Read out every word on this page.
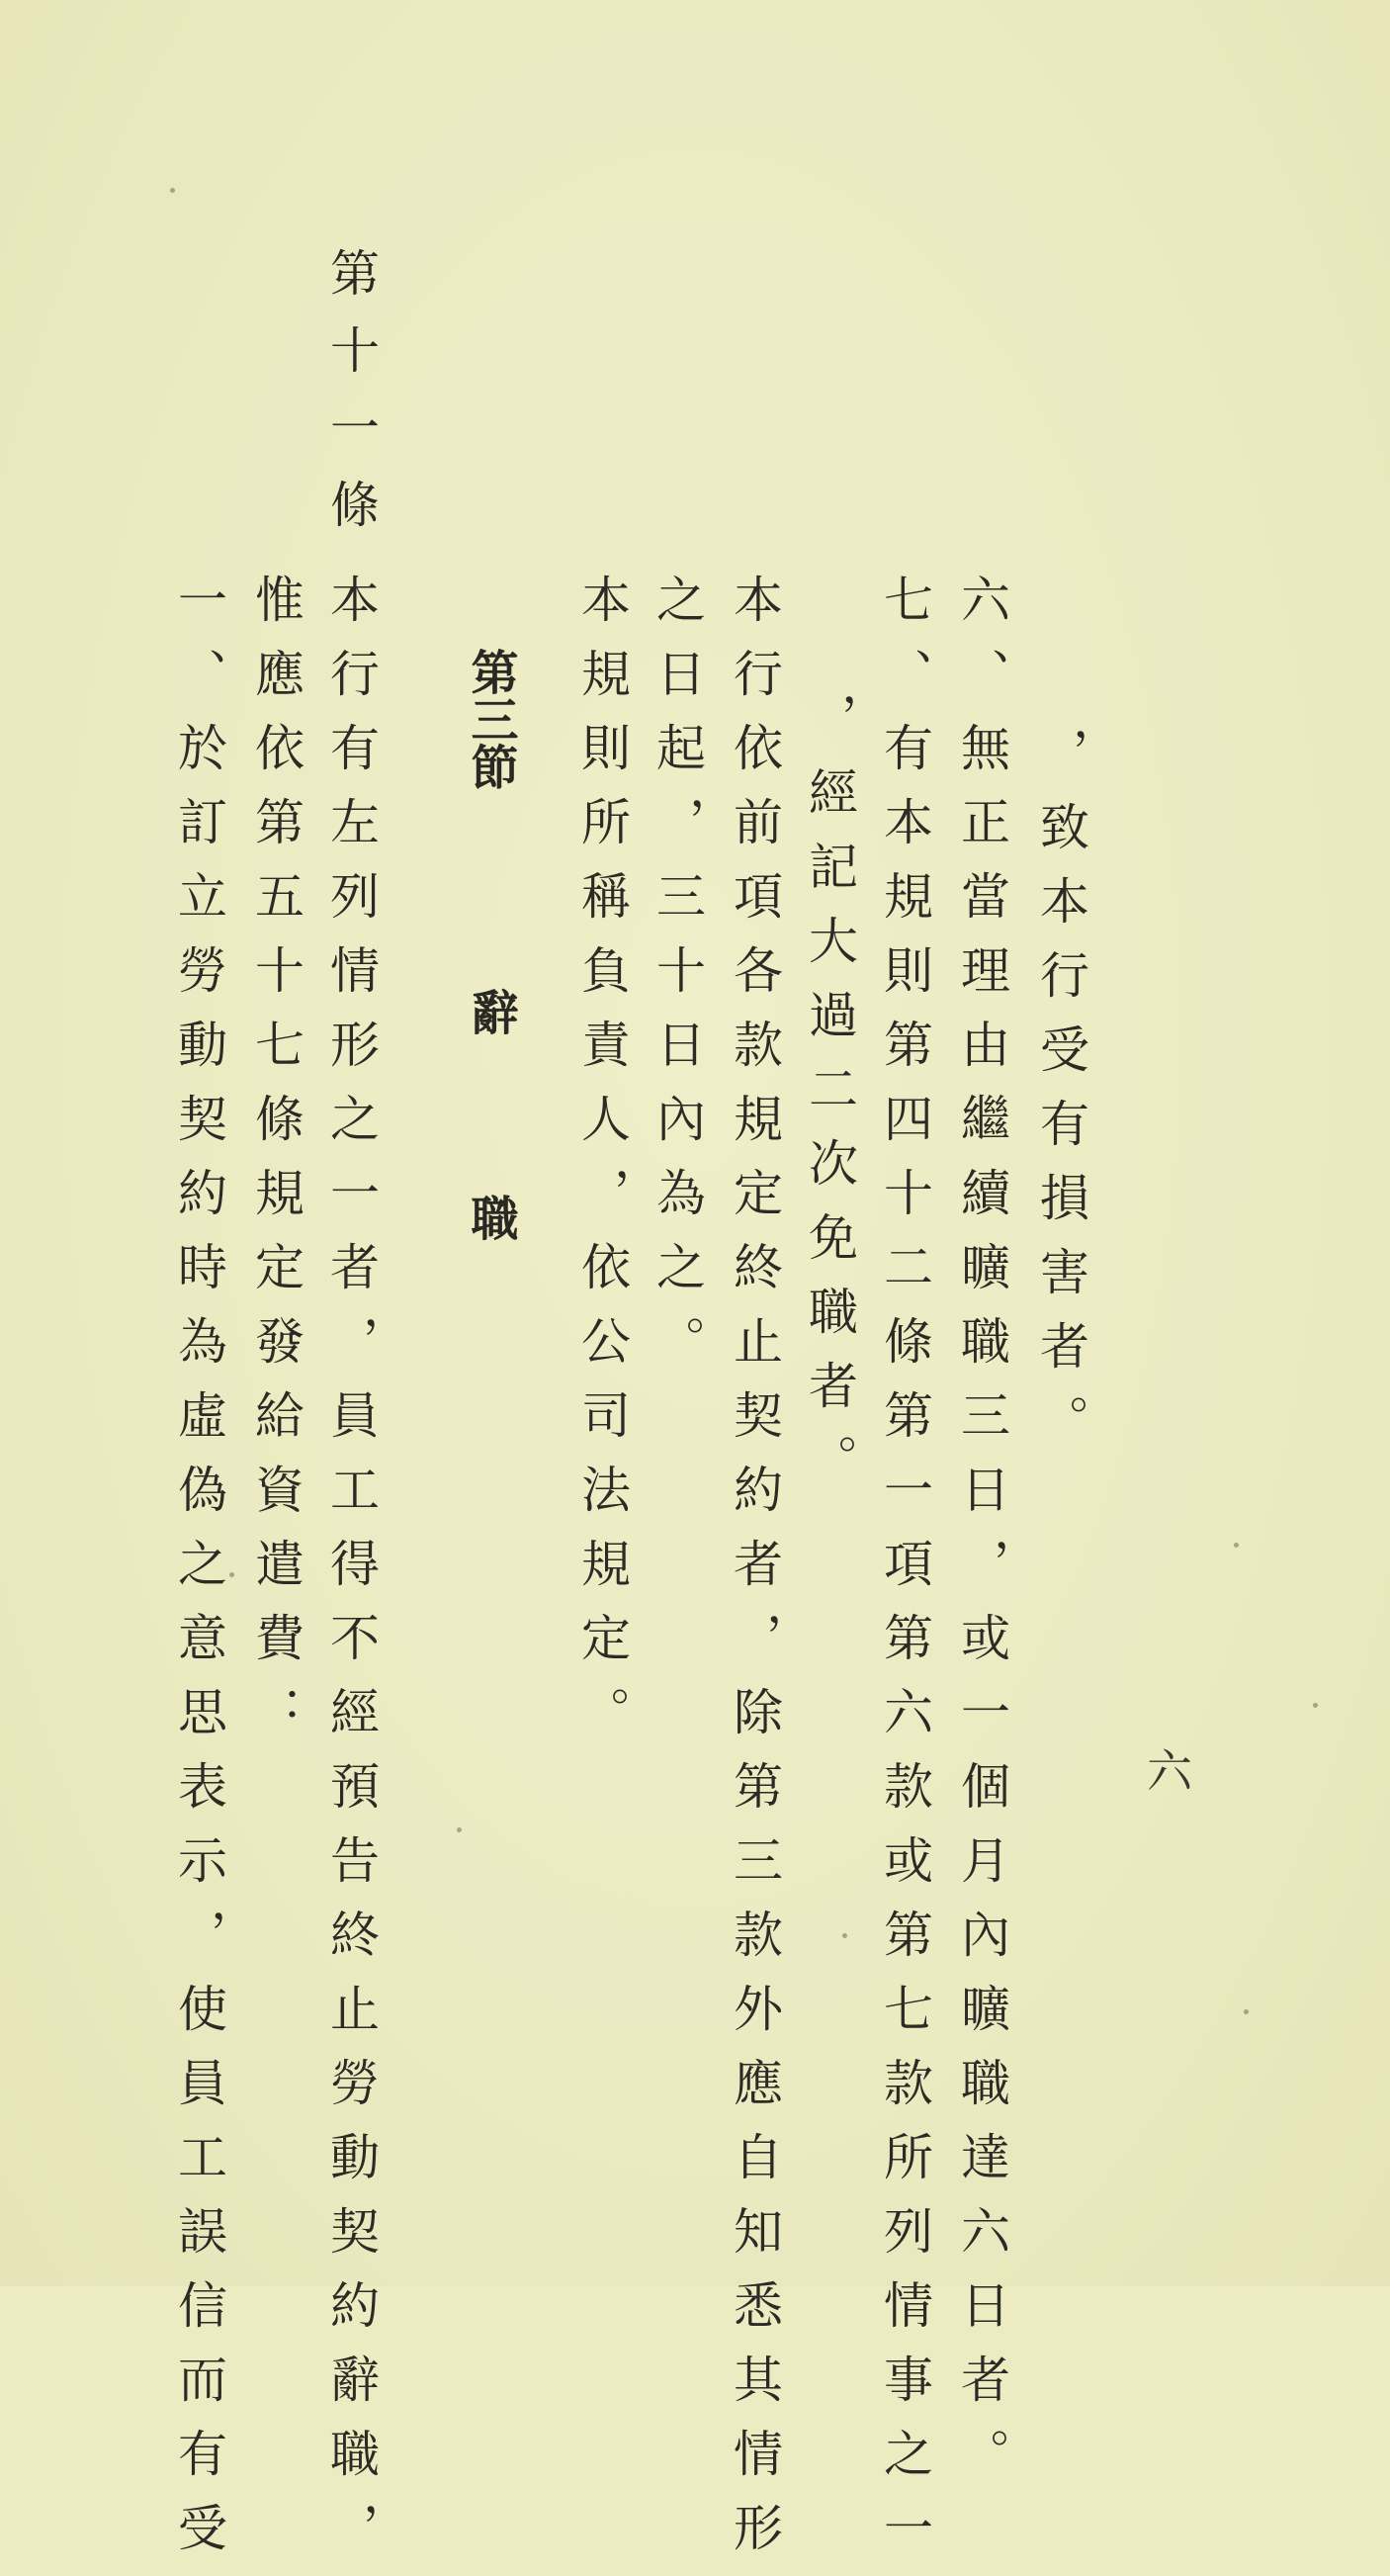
六
，致本行受有損害者。
六、無正當理由繼續曠職三日，或一個月內曠職達六日者。
七、有本規則第四十二條第一項第六款或第七款所列情事之一
，經記大過二次免職者。
本行依前項各款規定終止契約者，除第三款外應自知悉其情形
之日起，三十日內為之。
本規則所稱負責人，依公司法規定。
第三節  辭  職
第十一條
本行有左列情形之一者，員工得不經預告終止勞動契約辭職，
惟應依第五十七條規定發給資遣費：
一、於訂立勞動契約時為虛偽之意思表示，使員工誤信而有受
